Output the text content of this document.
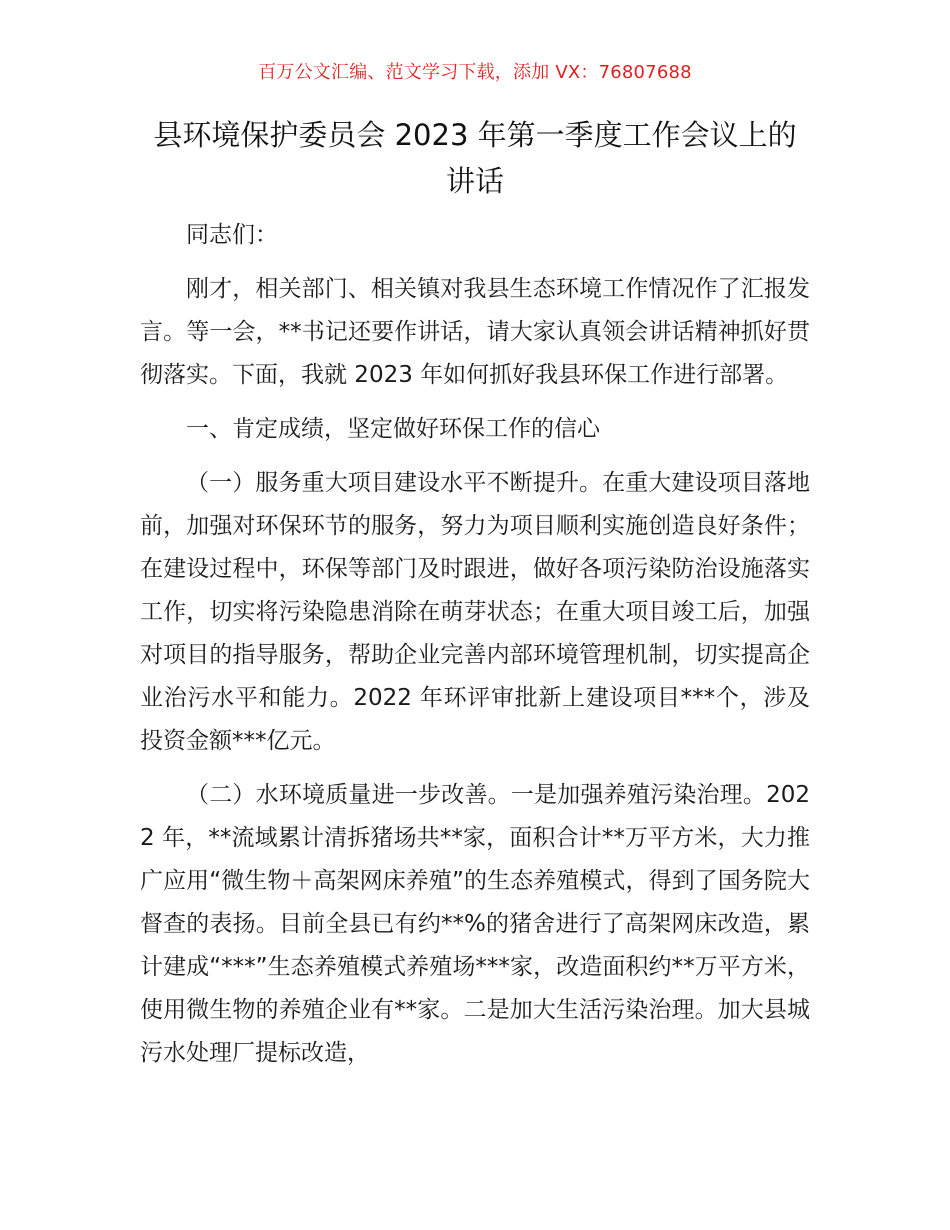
百万公文汇编、范文学习下载，添加 VX：76807688
县环境保护委员会 2023 年第一季度工作会议上的讲话

同志们：

刚才，相关部门、相关镇对我县生态环境工作情况作了汇报发言。等一会，**书记还要作讲话，请大家认真领会讲话精神抓好贯彻落实。下面，我就 2023 年如何抓好我县环保工作进行部署。

一、肯定成绩，坚定做好环保工作的信心

（一）服务重大项目建设水平不断提升。在重大建设项目落地前，加强对环保环节的服务，努力为项目顺利实施创造良好条件；在建设过程中，环保等部门及时跟进，做好各项污染防治设施落实工作，切实将污染隐患消除在萌芽状态；在重大项目竣工后，加强对项目的指导服务，帮助企业完善内部环境管理机制，切实提高企业治污水平和能力。2022 年环评审批新上建设项目***个，涉及投资金额***亿元。

（二）水环境质量进一步改善。一是加强养殖污染治理。2022 年，**流域累计清拆猪场共**家，面积合计**万平方米，大力推广应用“微生物＋高架网床养殖”的生态养殖模式，得到了国务院大督查的表扬。目前全县已有约**%的猪舍进行了高架网床改造，累计建成“***”生态养殖模式养殖场***家，改造面积约**万平方米，使用微生物的养殖企业有**家。二是加大生活污染治理。加大县城污水处理厂提标改造，
